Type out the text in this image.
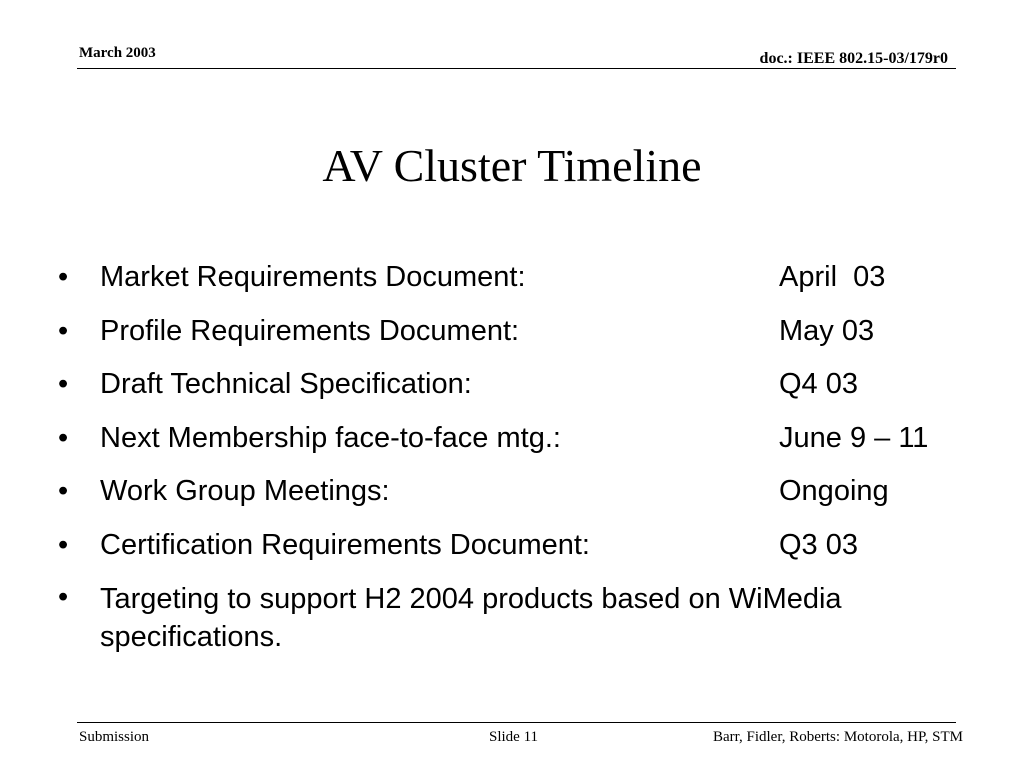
March 2003	doc.: IEEE 802.15-03/179r0
AV Cluster Timeline
• Market Requirements Document:	April  03
• Profile Requirements Document:	May 03
• Draft Technical Specification:	Q4 03
• Next Membership face-to-face mtg.:	June 9 – 11
• Work Group Meetings:	Ongoing
• Certification Requirements Document:	Q3 03
• Targeting to support H2 2004 products based on WiMedia specifications.
Submission	Slide 11	Barr, Fidler, Roberts: Motorola, HP, STM
